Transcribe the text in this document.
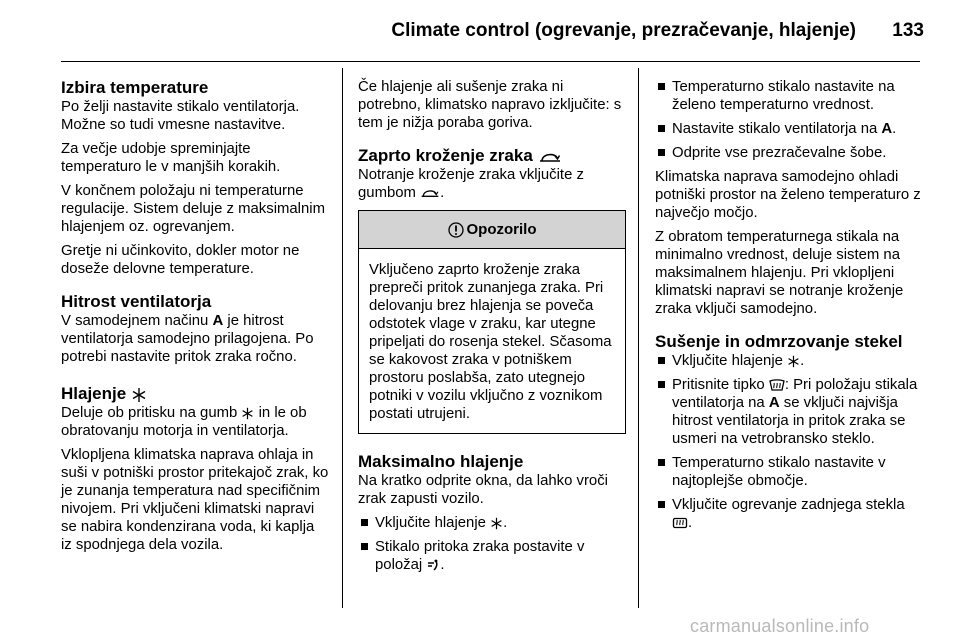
Climate control (ogrevanje, prezračevanje, hlajenje) 133
Izbira temperature

Po želji nastavite stikalo ventilatorja. Možne so tudi vmesne nastavitve.

Za večje udobje spreminjajte temperaturo le v manjših korakih.

V končnem položaju ni temperaturne regulacije. Sistem deluje z maksimalnim hlajenjem oz. ogrevanjem.

Gretje ni učinkovito, dokler motor ne doseže delovne temperature.

Hitrost ventilatorja

V samodejnem načinu A je hitrost ventilatorja samodejno prilagojena. Po potrebi nastavite pritok zraka ročno.

Hlajenje

Deluje ob pritisku na gumb  in le ob obratovanju motorja in ventilatorja.

Vklopljena klimatska naprava ohlaja in suši v potniški prostor pritekajoč zrak, ko je zunanja temperatura nad specifičnim nivojem. Pri vključeni klimatski napravi se nabira kondenzirana voda, ki kaplja iz spodnjega dela vozila.

Če hlajenje ali sušenje zraka ni potrebno, klimatsko napravo izključite: s tem je nižja poraba goriva.

Zaprto kroženje zraka

Notranje kroženje zraka vključite z gumbom .

Opozorilo
Vključeno zaprto kroženje zraka prepreči pritok zunanjega zraka. Pri delovanju brez hlajenja se poveča odstotek vlage v zraku, kar utegne pripeljati do rosenja stekel. Sčasoma se kakovost zraka v potniškem prostoru poslabša, zato utegnejo potniki v vozilu vključno z voznikom postati utrujeni.
Maksimalno hlajenje

Na kratko odprite okna, da lahko vroči zrak zapusti vozilo.

Vključite hlajenje .
Stikalo pritoka zraka postavite v položaj .
Temperaturno stikalo nastavite na želeno temperaturno vrednost.
Nastavite stikalo ventilatorja na A.
Odprite vse prezračevalne šobe.

Klimatska naprava samodejno ohladi potniški prostor na želeno temperaturo z največjo močjo.

Z obratom temperaturnega stikala na minimalno vrednost, deluje sistem na maksimalnem hlajenju. Pri vklopljeni klimatski napravi se notranje kroženje zraka vključi samodejno.

Sušenje in odmrzovanje stekel
Vključite hlajenje .
Pritisnite tipko : Pri položaju stikala ventilatorja na A se vključi najvišja hitrost ventilatorja in pritok zraka se usmeri na vetrobransko steklo.
Temperaturno stikalo nastavite v najtoplejše območje.
Vključite ogrevanje zadnjega stekla .
carmanualsonline.info
